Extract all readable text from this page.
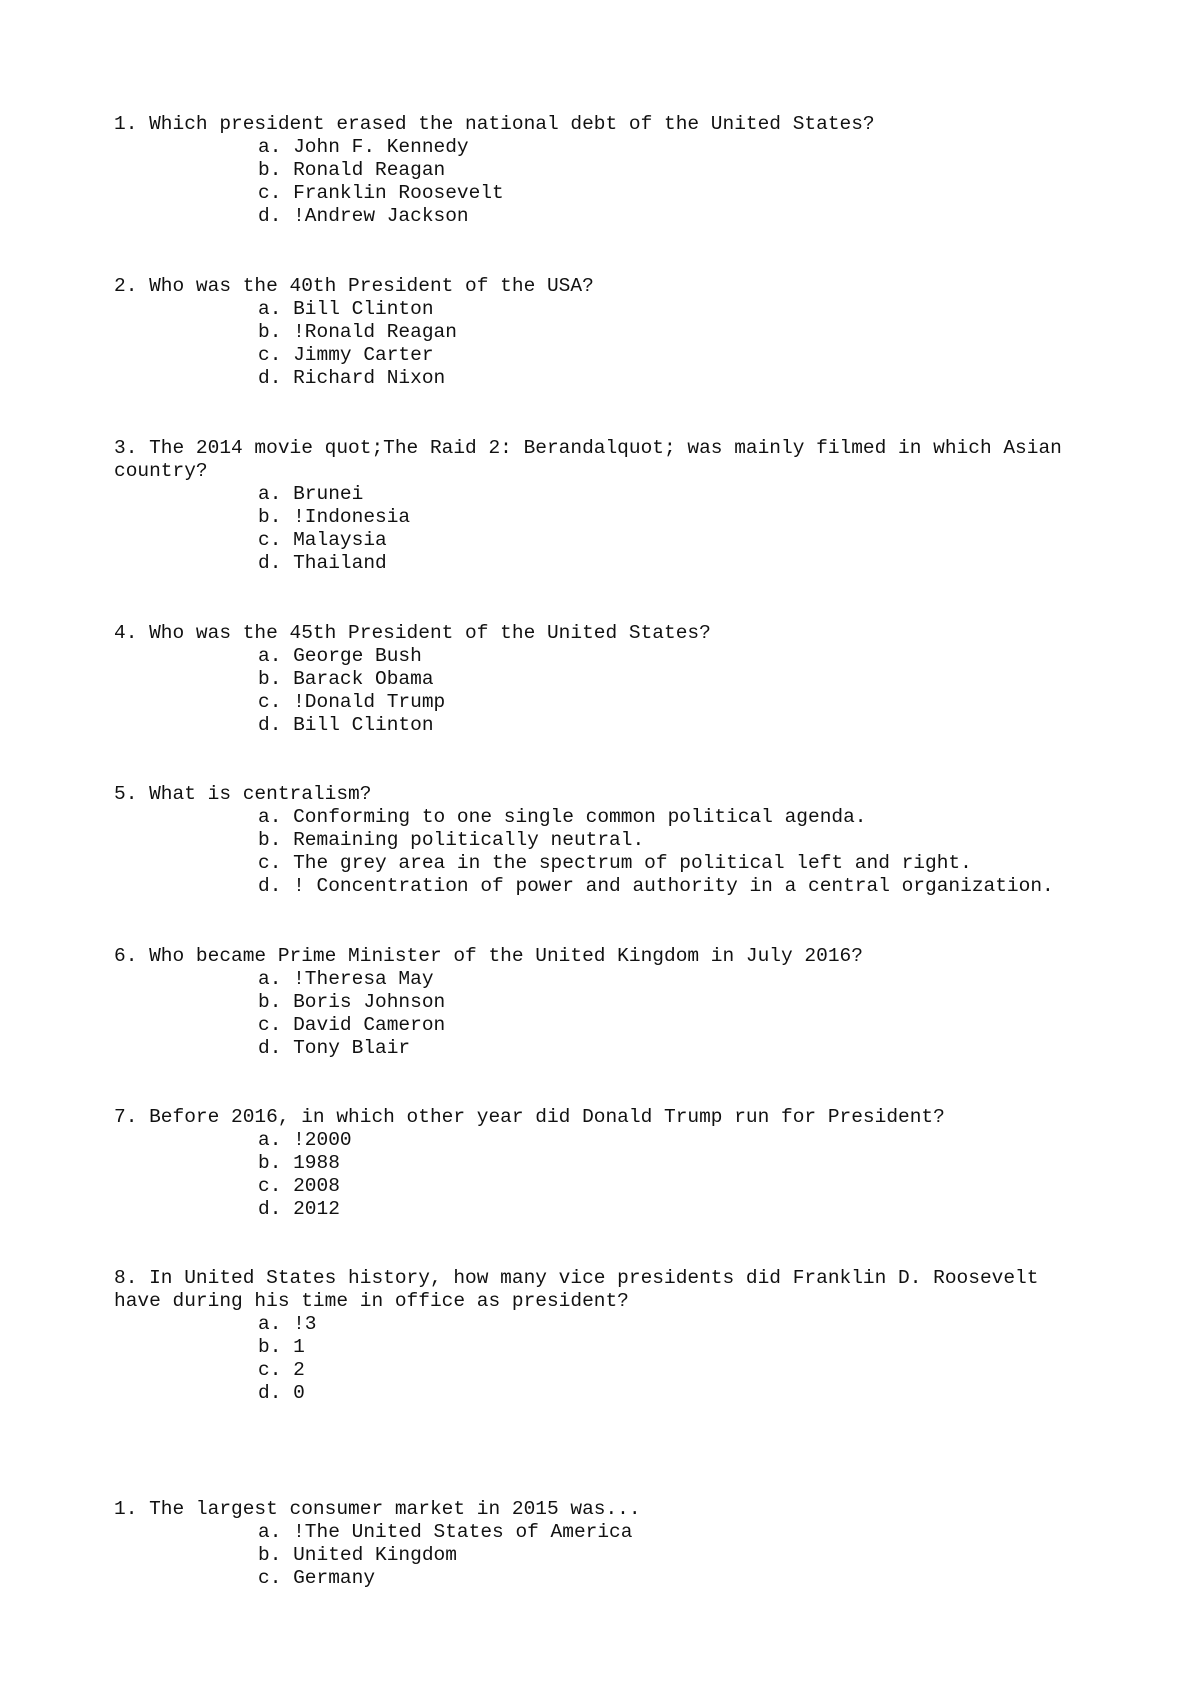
1. Which president erased the national debt of the United States?

a. John F. Kennedy
b. Ronald Reagan
c. Franklin Roosevelt
d. !Andrew Jackson

2. Who was the 40th President of the USA?

a. Bill Clinton
b. !Ronald Reagan
c. Jimmy Carter
d. Richard Nixon

3. The 2014 movie quot;The Raid 2: Berandalquot; was mainly filmed in which Asian country?

a. Brunei
b. !Indonesia
c. Malaysia
d. Thailand

4. Who was the 45th President of the United States?

a. George Bush
b. Barack Obama
c. !Donald Trump
d. Bill Clinton

5. What is centralism?

a. Conforming to one single common political agenda.
b. Remaining politically neutral.
c. The grey area in the spectrum of political left and right.
d. ! Concentration of power and authority in a central organization.

6. Who became Prime Minister of the United Kingdom in July 2016?

a. !Theresa May
b. Boris Johnson
c. David Cameron
d. Tony Blair

7. Before 2016, in which other year did Donald Trump run for President?

a. !2000
b. 1988
c. 2008
d. 2012

8. In United States history, how many vice presidents did Franklin D. Roosevelt have during his time in office as president?

a. !3
b. 1
c. 2
d. 0

1. The largest consumer market in 2015 was...

a. !The United States of America
b. United Kingdom
c. Germany
